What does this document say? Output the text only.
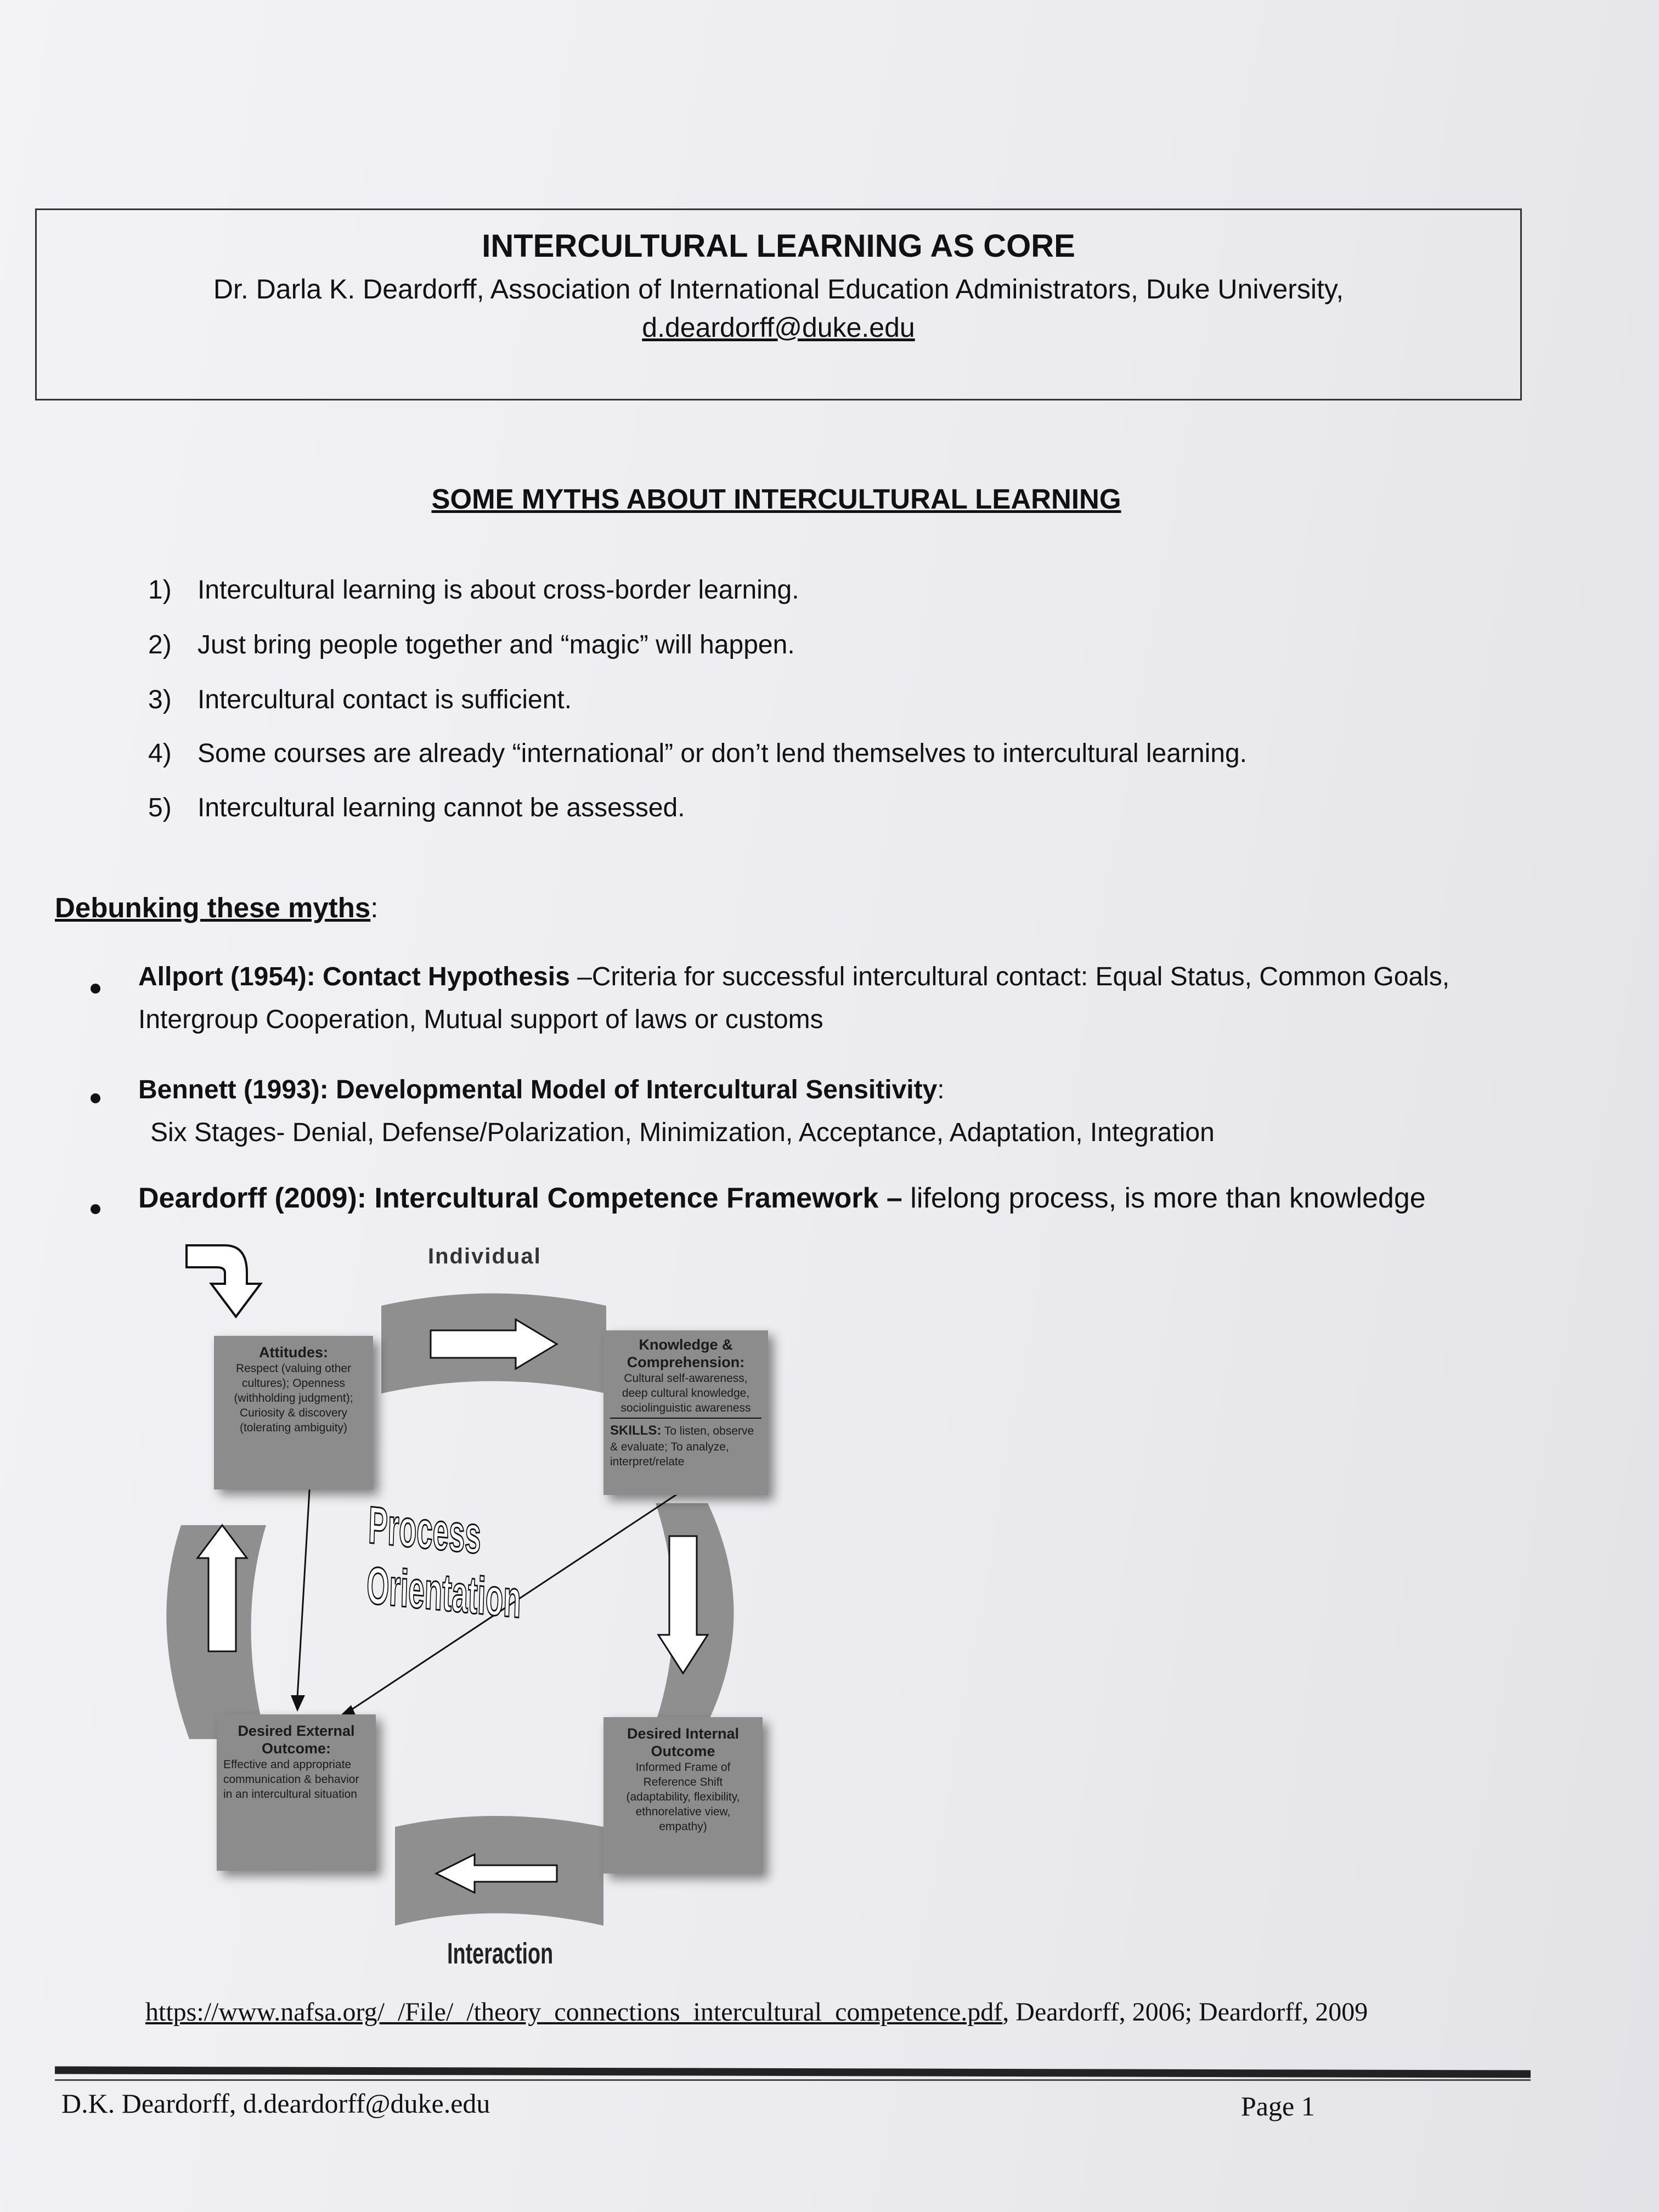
INTERCULTURAL LEARNING AS CORE
Dr. Darla K. Deardorff, Association of International Education Administrators, Duke University,
d.deardorff@duke.edu
SOME MYTHS ABOUT INTERCULTURAL LEARNING
1) Intercultural learning is about cross-border learning.
2) Just bring people together and “magic” will happen.
3) Intercultural contact is sufficient.
4) Some courses are already “international” or don’t lend themselves to intercultural learning.
5) Intercultural learning cannot be assessed.
Debunking these myths:
Allport (1954): Contact Hypothesis –Criteria for successful intercultural contact: Equal Status, Common Goals,
Intergroup Cooperation, Mutual support of laws or customs
Bennett (1993): Developmental Model of Intercultural Sensitivity:
Six Stages- Denial, Defense/Polarization, Minimization, Acceptance, Adaptation, Integration
Deardorff (2009): Intercultural Competence Framework – lifelong process, is more than knowledge
Individual
Process Orientation
Interaction
Attitudes:
Respect (valuing other cultures); Openness (withholding judgment); Curiosity & discovery (tolerating ambiguity)
Knowledge & Comprehension:
Cultural self-awareness, deep cultural knowledge, sociolinguistic awareness
SKILLS: To listen, observe & evaluate; To analyze, interpret/relate
Desired External Outcome:
Effective and appropriate communication & behavior in an intercultural situation
Desired Internal Outcome
Informed Frame of Reference Shift (adaptability, flexibility, ethnorelative view, empathy)
https://www.nafsa.org/_/File/_/theory_connections_intercultural_competence.pdf, Deardorff, 2006; Deardorff, 2009
D.K. Deardorff, d.deardorff@duke.edu	Page 1
